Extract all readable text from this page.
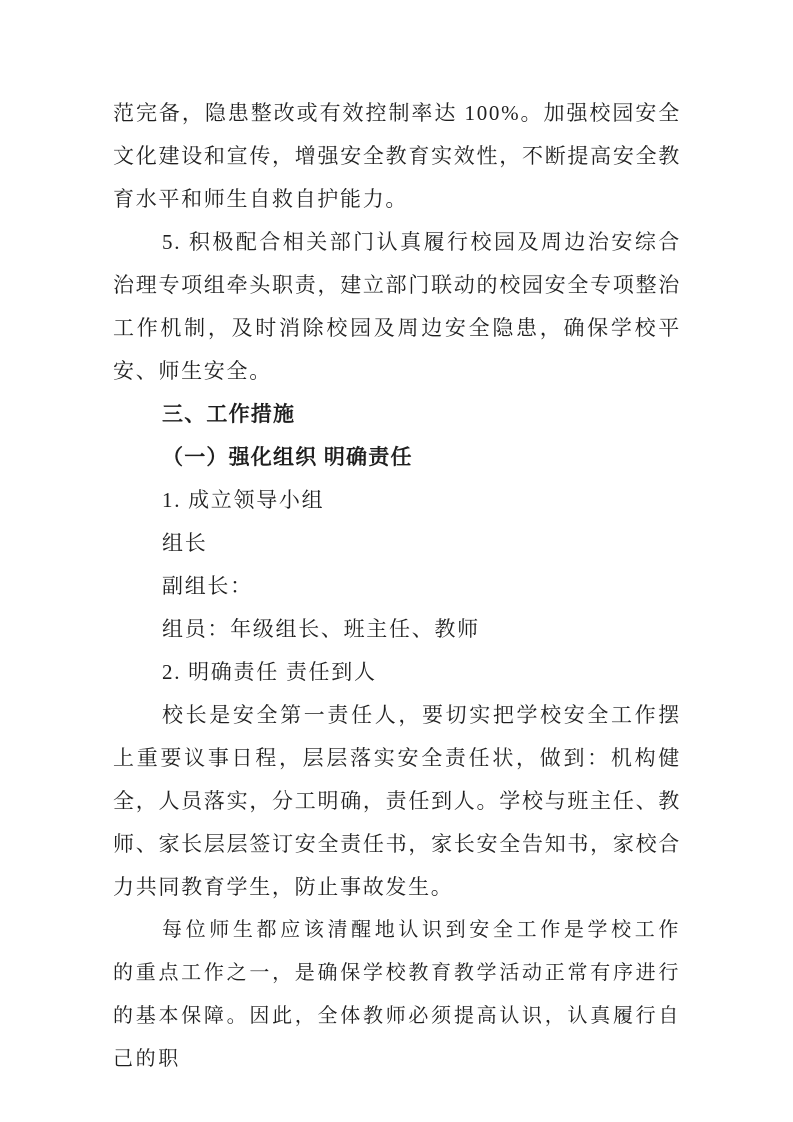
范完备，隐患整改或有效控制率达 100%。加强校园安全文化建设和宣传，增强安全教育实效性，不断提高安全教育水平和师生自救自护能力。

5. 积极配合相关部门认真履行校园及周边治安综合治理专项组牵头职责，建立部门联动的校园安全专项整治工作机制，及时消除校园及周边安全隐患，确保学校平安、师生安全。

三、工作措施

（一）强化组织 明确责任

1. 成立领导小组

组长

副组长：

组员：年级组长、班主任、教师

2. 明确责任 责任到人

校长是安全第一责任人，要切实把学校安全工作摆上重要议事日程，层层落实安全责任状，做到：机构健全，人员落实，分工明确，责任到人。学校与班主任、教师、家长层层签订安全责任书，家长安全告知书，家校合力共同教育学生，防止事故发生。

每位师生都应该清醒地认识到安全工作是学校工作的重点工作之一，是确保学校教育教学活动正常有序进行的基本保障。因此，全体教师必须提高认识，认真履行自己的职
